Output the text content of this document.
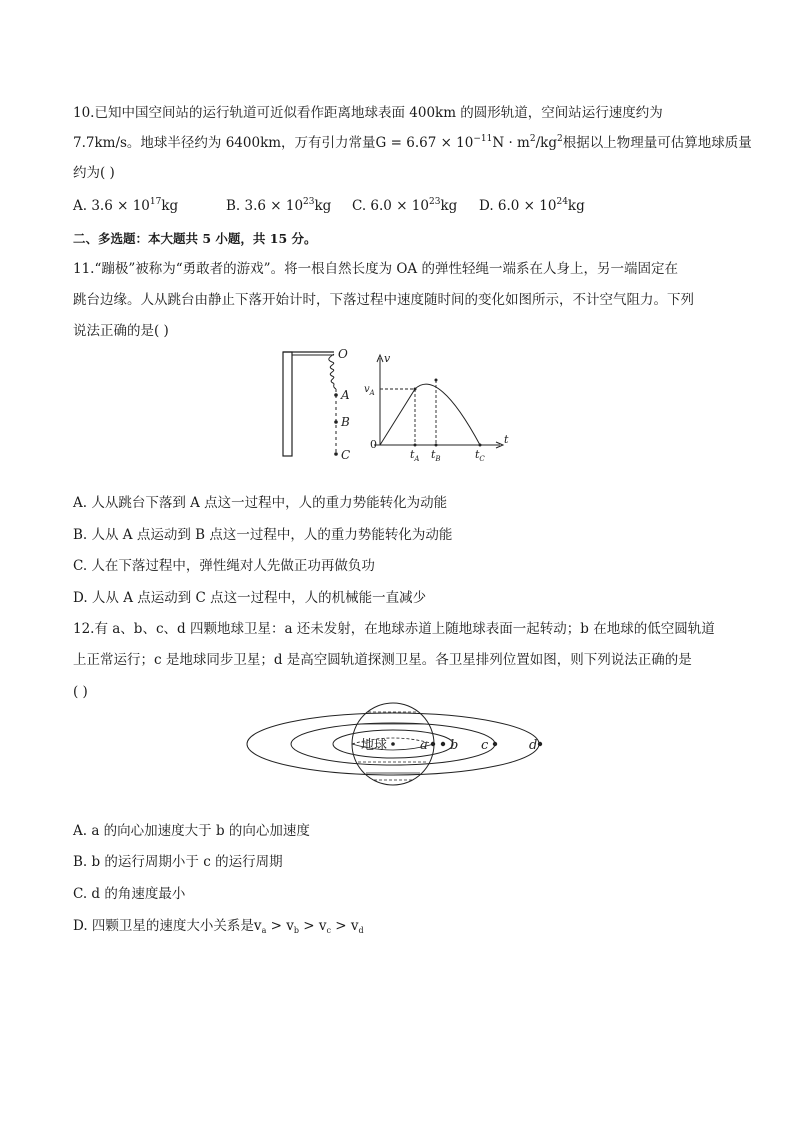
10.已知中国空间站的运行轨道可近似看作距离地球表面 400km 的圆形轨道，空间站运行速度约为
7.7km/s。地球半径约为 6400km，万有引力常量$G = 6.67 \times 10^{-11}N \cdot m^2/kg^2$根据以上物理量可估算地球质量
约为( )
A. $3.6 \times 10^{17}kg$	B. $3.6 \times 10^{23}kg$ C. $6.0 \times 10^{23}kg$ D. $6.0 \times 10^{24}kg$
二、多选题：本大题共 5 小题，共 15 分。
11.“蹦极”被称为“勇敢者的游戏”。将一根自然长度为 OA 的弹性轻绳一端系在人身上，另一端固定在
跳台边缘。人从跳台由静止下落开始计时，下落过程中速度随时间的变化如图所示，不计空气阻力。下列
说法正确的是( )
O
A
B
C
v
t
0
$v_A$
$t_A$ $t_B$	$t_C$
A. 人从跳台下落到 A 点这一过程中，人的重力势能转化为动能
B. 人从 A 点运动到 B 点这一过程中，人的重力势能转化为动能
C. 人在下落过程中，弹性绳对人先做正功再做负功
D. 人从 A 点运动到 C 点这一过程中，人的机械能一直减少
12.有 a、b、c、d 四颗地球卫星：a 还未发射，在地球赤道上随地球表面一起转动；b 在地球的低空圆轨道
上正常运行；c 是地球同步卫星；d 是高空圆轨道探测卫星。各卫星排列位置如图，则下列说法正确的是
( )
地球	a b c	d
A. a 的向心加速度大于 b 的向心加速度
B. b 的运行周期小于 c 的运行周期
C. d 的角速度最小
D. 四颗卫星的速度大小关系是$v_a > v_b > v_c > v_d$
